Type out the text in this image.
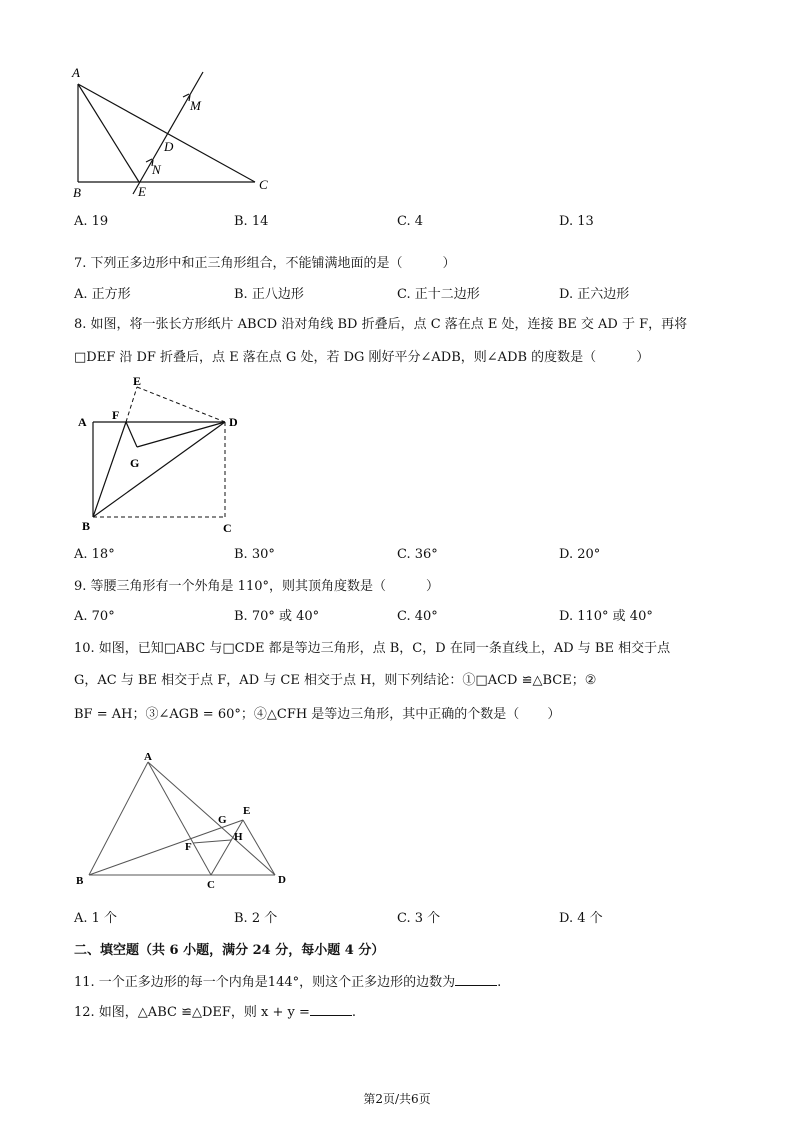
A
B
C
D
E
M
N
A. 19	B. 14	C. 4	D. 13
7. 下列正多边形中和正三角形组合，不能铺满地面的是（	）
A. 正方形	B. 正八边形	C. 正十二边形	D. 正六边形
8. 如图，将一张长方形纸片 ABCD 沿对角线 BD 折叠后，点 C 落在点 E 处，连接 BE 交 AD 于 F，再将
□DEF 沿 DF 折叠后，点 E 落在点 G 处，若 DG 刚好平分∠ADB，则∠ADB 的度数是（	）
E
A F	D
G
B	C
A. 18°	B. 30°	C. 36°	D. 20°
9. 等腰三角形有一个外角是 110°，则其顶角度数是（	）
A. 70°	B. 70° 或 40°	C. 40°	D. 110° 或 40°
10. 如图，已知□ABC 与□CDE 都是等边三角形，点 B，C，D 在同一条直线上，AD 与 BE 相交于点
G，AC 与 BE 相交于点 F，AD 与 CE 相交于点 H，则下列结论：①□ACD ≌△BCE；②
BF = AH；③∠AGB = 60°；④△CFH 是等边三角形，其中正确的个数是（ ）
A
E
G
H
F
B	C	D
A. 1 个	B. 2 个	C. 3 个	D. 4 个
二、填空题（共 6 小题，满分 24 分，每小题 4 分）
11. 一个正多边形的每一个内角是144°，则这个正多边形的边数为	.
12. 如图，△ABC ≌△DEF，则 x + y =	.
第2页/共6页
